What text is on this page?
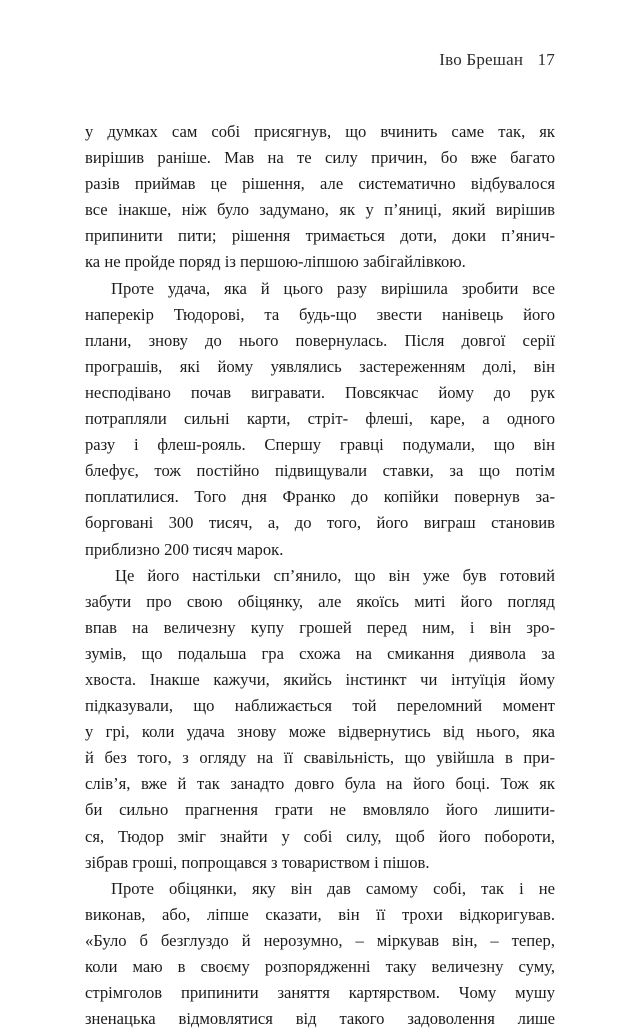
Іво Брешан 17
у думках сам собі присягнув, що вчинить саме так, як
вирішив раніше. Мав на те силу причин, бо вже багато
разів приймав це рішення, але систематично відбувалося
все інакше, ніж було задумано, як у п’яниці, який вирішив
припинити пити; рішення тримається доти, доки п’янич-
ка не пройде поряд із першою-ліпшою забігайлівкою.
Проте удача, яка й цього разу вирішила зробити все
наперекір Тюдорові, та будь-що звести нанівець його
плани, знову до нього повернулась. Після довгої серії
програшів, які йому уявлялись застереженням долі, він
несподівано почав вигравати. Повсякчас йому до рук
потрапляли сильні карти, стріт- флеші, каре, а одного
разу і флеш-рояль. Спершу гравці подумали, що він
блефує, тож постійно підвищували ставки, за що потім
поплатилися. Того дня Франко до копійки повернув за-
боргованi 300 тисяч, а, до того, його виграш становив
приблизно 200 тисяч марок.
Це його настільки сп’янило, що він уже був готовий
забути про свою обіцянку, але якоїсь миті його погляд
впав на величезну купу грошей перед ним, і він зро-
зумів, що подальша гра схожа на смикання диявола за
хвоста. Інакше кажучи, якийсь інстинкт чи інтуїція йому
підказували, що наближається той переломний момент
у грі, коли удача знову може відвернутись від нього, яка
й без того, з огляду на її свавільність, що увійшла в при-
слів’я, вже й так занадто довго була на його боці. Тож як
би сильно прагнення грати не вмовляло його лишити-
ся, Тюдор зміг знайти у собі силу, щоб його побороти,
зібрав гроші, попрощався з товариством і пішов.
Проте обіцянки, яку він дав самому собі, так і не
виконав, або, ліпше сказати, він її трохи відкоригував.
«Було б безглуздо й нерозумно, – міркував він, – тепер,
коли маю в своєму розпорядженні таку величезну суму,
стрімголов припинити заняття картярством. Чому мушу
зненацька відмовлятися від такого задоволення лише
